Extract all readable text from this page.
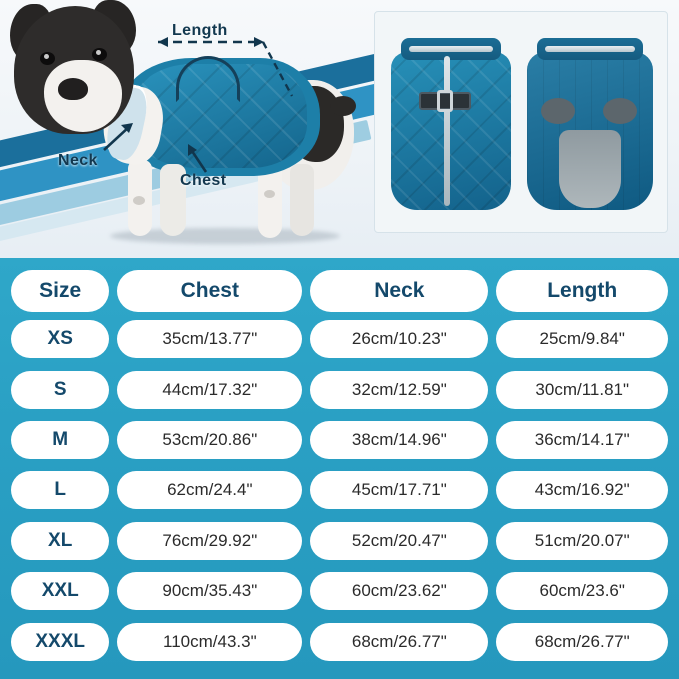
Length
Neck
Chest
Size	Chest	Neck	Length

XS	35cm/13.77"	26cm/10.23"	25cm/9.84"

S	44cm/17.32"	32cm/12.59"	30cm/11.81"

M	53cm/20.86"	38cm/14.96"	36cm/14.17"

L	62cm/24.4"	45cm/17.71"	43cm/16.92"

XL	76cm/29.92"	52cm/20.47"	51cm/20.07"

XXL	90cm/35.43"	60cm/23.62"	60cm/23.6"

XXXL	110cm/43.3"	68cm/26.77"	68cm/26.77"
